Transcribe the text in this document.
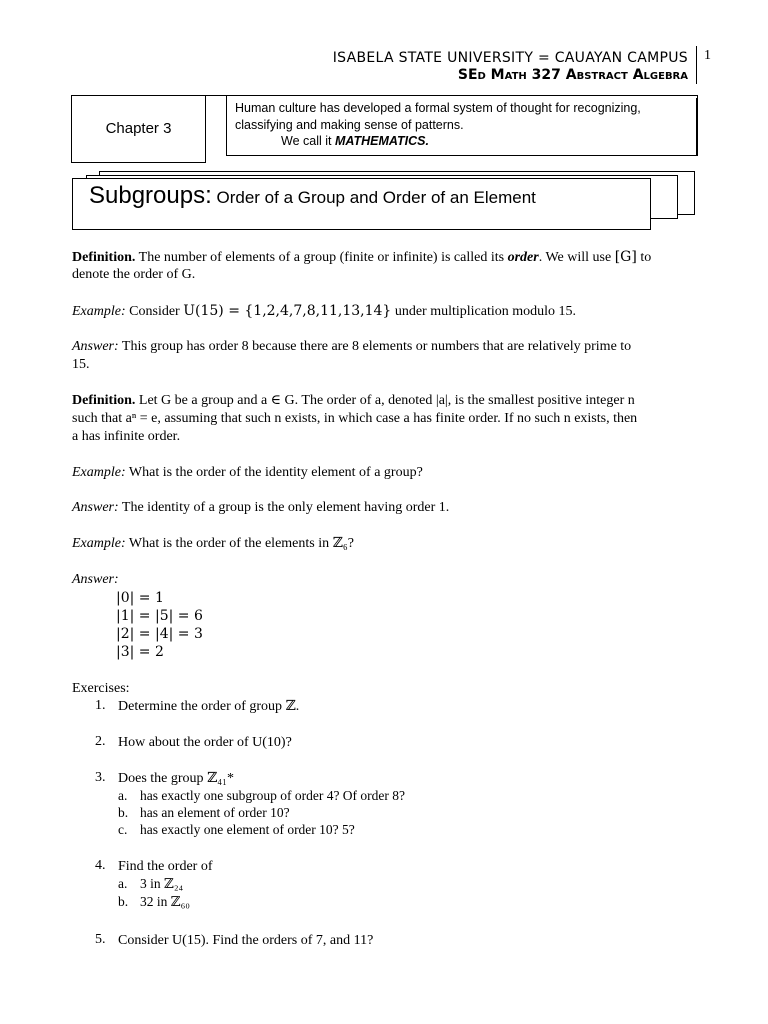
ISABELA STATE UNIVERSITY = CAUAYAN CAMPUS
SEd Math 327 Abstract Algebra
1
Chapter 3
Human culture has developed a formal system of thought for recognizing,
classifying and making sense of patterns.
We call it MATHEMATICS.
Subgroups: Order of a Group and Order of an Element
Definition. The number of elements of a group (finite or infinite) is called its order. We will use [G] to
denote the order of G.
Example: Consider U(15) = {1,2,4,7,8,11,13,14} under multiplication modulo 15.
Answer: This group has order 8 because there are 8 elements or numbers that are relatively prime to
15.
Definition. Let G be a group and a ∈ G. The order of a, denoted |a|, is the smallest positive integer n
such that aⁿ = e, assuming that such n exists, in which case a has finite order. If no such n exists, then
a has infinite order.
Example: What is the order of the identity element of a group?
Answer: The identity of a group is the only element having order 1.
Example: What is the order of the elements in ℤ₆?
Answer:
|0| = 1
|1| = |5| = 6
|2| = |4| = 3
|3| = 2
Exercises:
1. Determine the order of group ℤ.
2. How about the order of U(10)?
3. Does the group ℤ₄₁*
a. has exactly one subgroup of order 4? Of order 8?
b. has an element of order 10?
c. has exactly one element of order 10? 5?
4. Find the order of
a. 3 in ℤ₂₄
b. 32 in ℤ₆₀
5. Consider U(15). Find the orders of 7, and 11?
